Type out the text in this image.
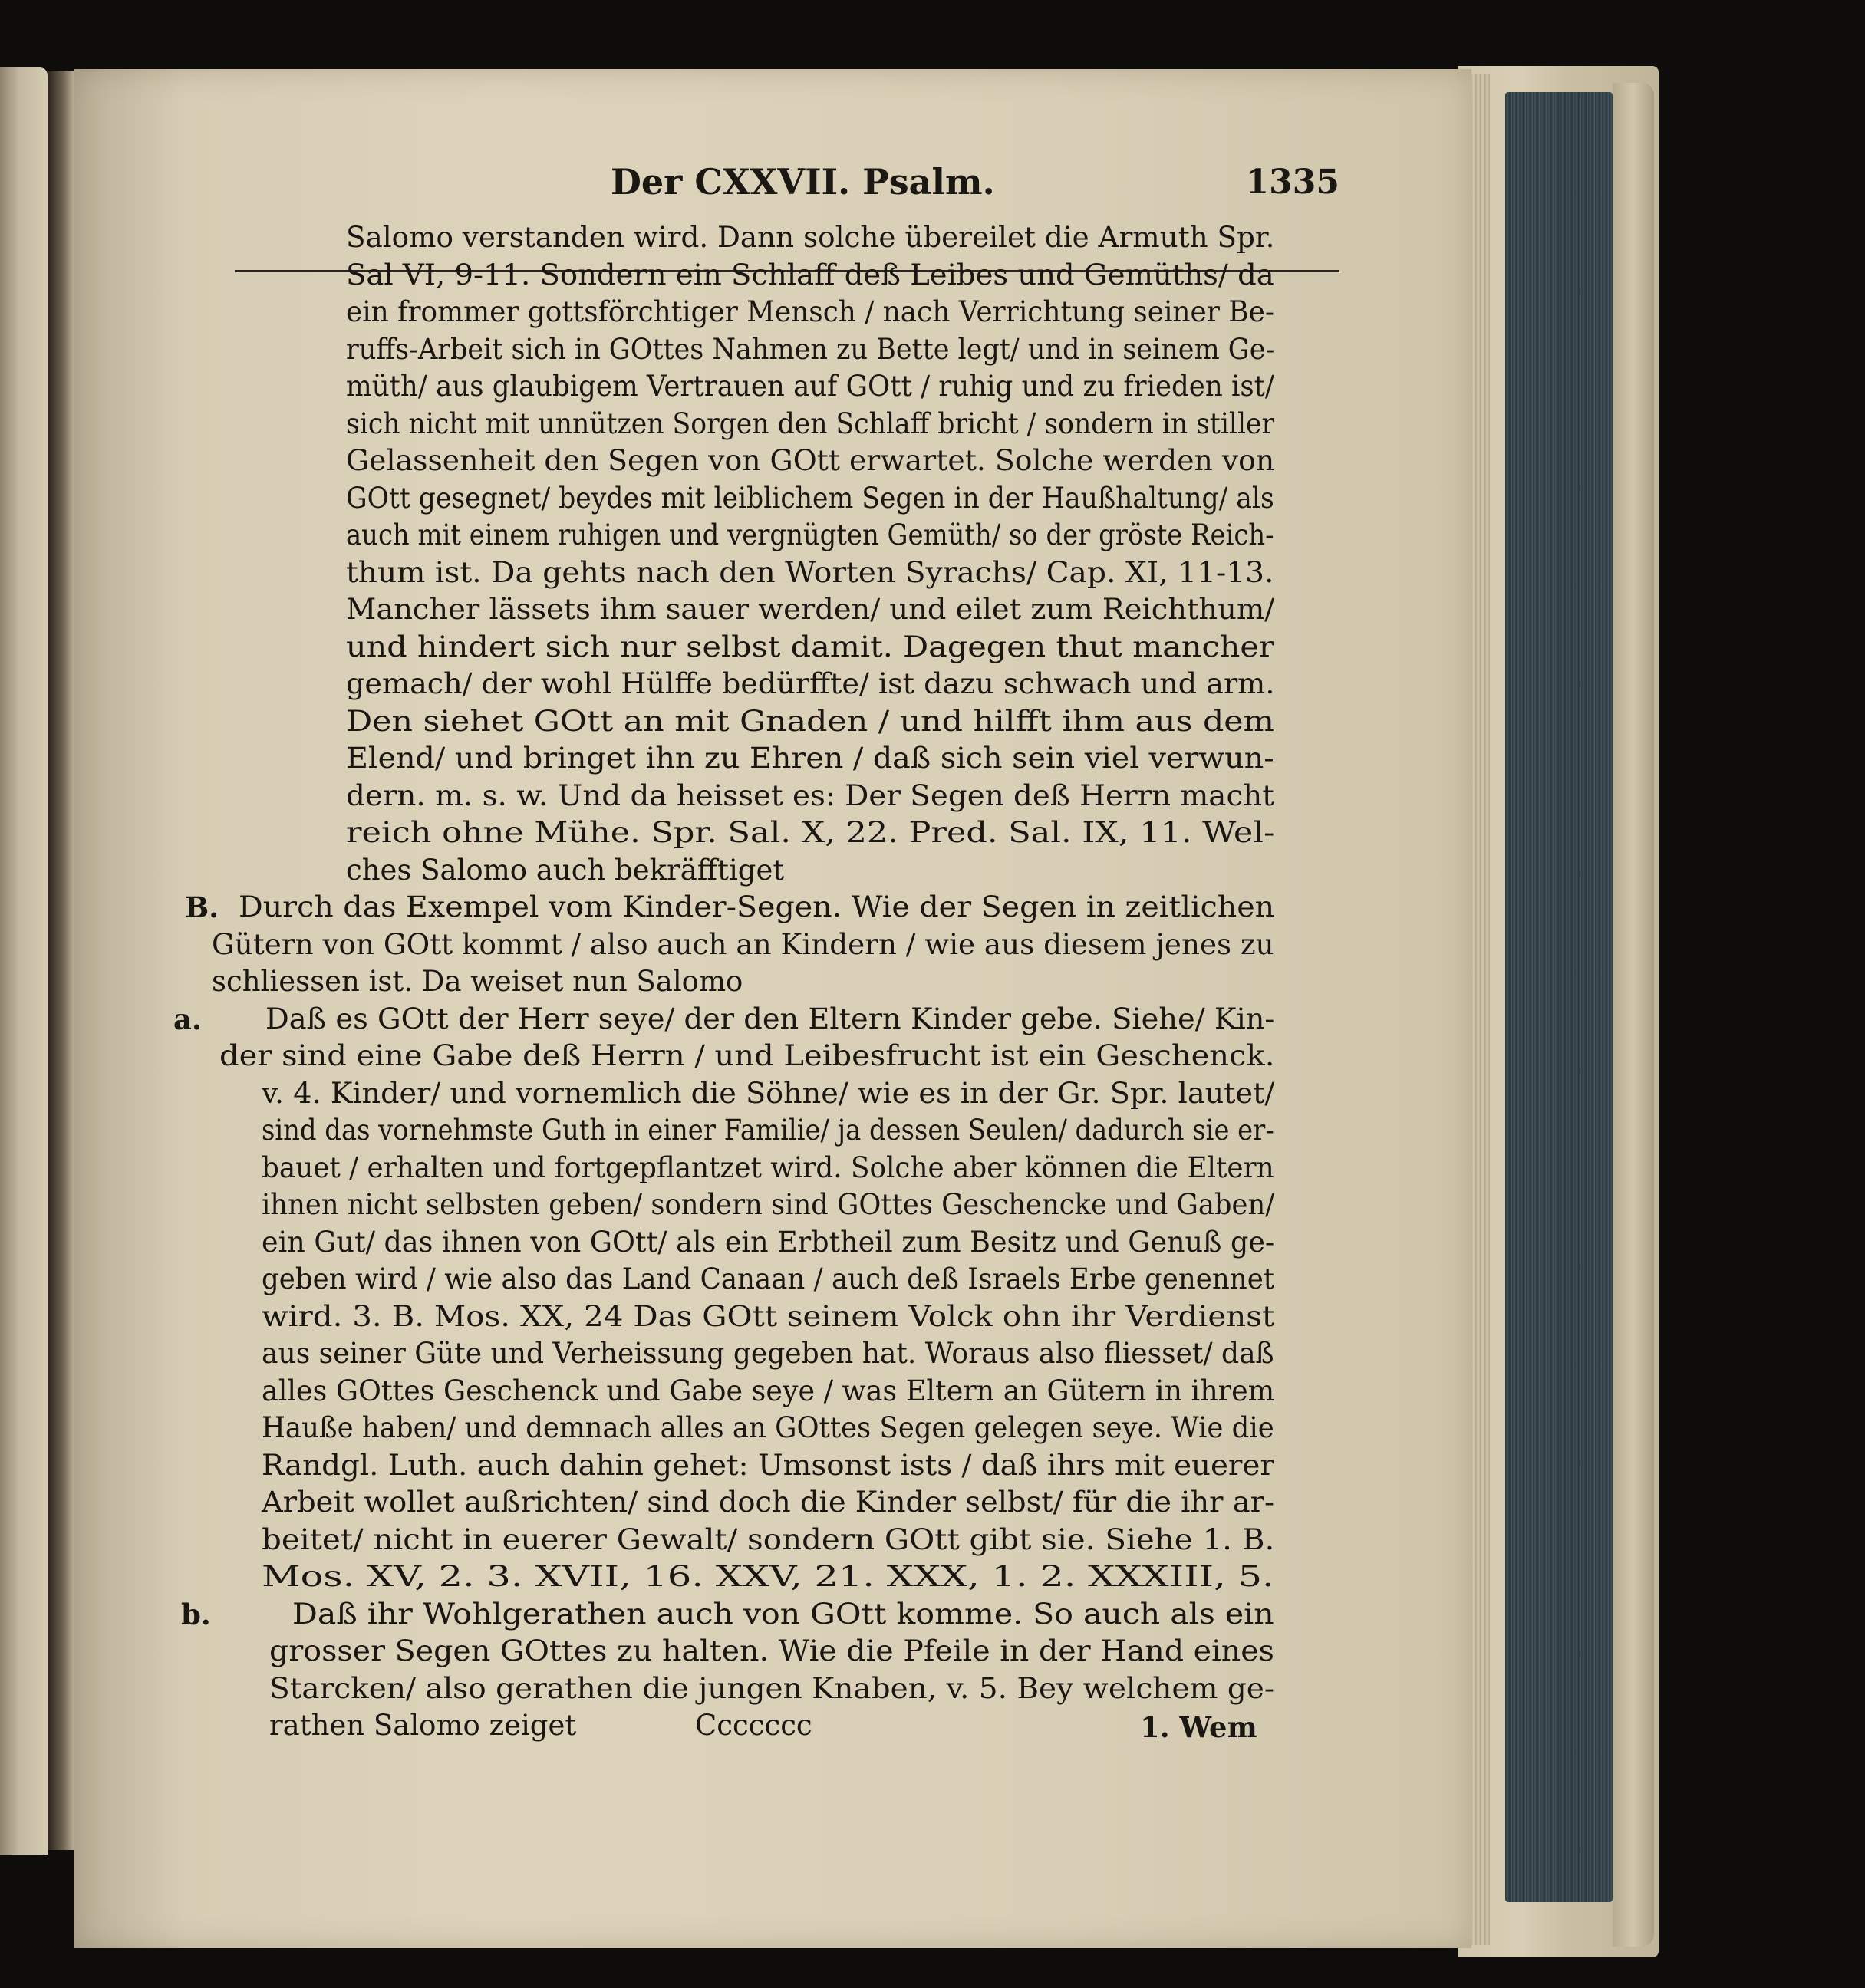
Der CXXVII. Psalm.	1335
Salomo verstanden wird. Dann solche übereilet die Armuth Spr.
Sal VI, 9-11. Sondern ein Schlaff deß Leibes und Gemüths/ da
ein frommer gottsförchtiger Mensch / nach Verrichtung seiner Be-
ruffs-Arbeit sich in GOttes Nahmen zu Bette legt/ und in seinem Ge-
müth/ aus glaubigem Vertrauen auf GOtt / ruhig und zu frieden ist/
sich nicht mit unnützen Sorgen den Schlaff bricht / sondern in stiller
Gelassenheit den Segen von GOtt erwartet. Solche werden von
GOtt gesegnet/ beydes mit leiblichem Segen in der Haußhaltung/ als
auch mit einem ruhigen und vergnügten Gemüth/ so der gröste Reich-
thum ist. Da gehts nach den Worten Syrachs/ Cap. XI, 11-13.
Mancher lässets ihm sauer werden/ und eilet zum Reichthum/
und hindert sich nur selbst damit. Dagegen thut mancher
gemach/ der wohl Hülffe bedürffte/ ist dazu schwach und arm.
Den siehet GOtt an mit Gnaden / und hilfft ihm aus dem
Elend/ und bringet ihn zu Ehren / daß sich sein viel verwun-
dern. m. s. w. Und da heisset es: Der Segen deß Herrn macht
reich ohne Mühe. Spr. Sal. X, 22. Pred. Sal. IX, 11. Wel-
ches Salomo auch bekräfftiget
Durch das Exempel vom Kinder-Segen. Wie der Segen in zeitlichen
Gütern von GOtt kommt / also auch an Kindern / wie aus diesem jenes zu
schliessen ist. Da weiset nun Salomo
Daß es GOtt der Herr seye/ der den Eltern Kinder gebe. Siehe/ Kin-
der sind eine Gabe deß Herrn / und Leibesfrucht ist ein Geschenck.
v. 4. Kinder/ und vornemlich die Söhne/ wie es in der Gr. Spr. lautet/
sind das vornehmste Guth in einer Familie/ ja dessen Seulen/ dadurch sie er-
bauet / erhalten und fortgepflantzet wird. Solche aber können die Eltern
ihnen nicht selbsten geben/ sondern sind GOttes Geschencke und Gaben/
ein Gut/ das ihnen von GOtt/ als ein Erbtheil zum Besitz und Genuß ge-
geben wird / wie also das Land Canaan / auch deß Israels Erbe genennet
wird. 3. B. Mos. XX, 24 Das GOtt seinem Volck ohn ihr Verdienst
aus seiner Güte und Verheissung gegeben hat. Woraus also fliesset/ daß
alles GOttes Geschenck und Gabe seye / was Eltern an Gütern in ihrem
Hauße haben/ und demnach alles an GOttes Segen gelegen seye. Wie die
Randgl. Luth. auch dahin gehet: Umsonst ists / daß ihrs mit euerer
Arbeit wollet außrichten/ sind doch die Kinder selbst/ für die ihr ar-
beitet/ nicht in euerer Gewalt/ sondern GOtt gibt sie. Siehe 1. B.
Mos. XV, 2. 3. XVII, 16. XXV, 21. XXX, 1. 2. XXXIII, 5.
Daß ihr Wohlgerathen auch von GOtt komme. So auch als ein
grosser Segen GOttes zu halten. Wie die Pfeile in der Hand eines
Starcken/ also gerathen die jungen Knaben, v. 5. Bey welchem ge-
rathen Salomo zeiget
B.
a.
b.
Ccccccc	1. Wem
